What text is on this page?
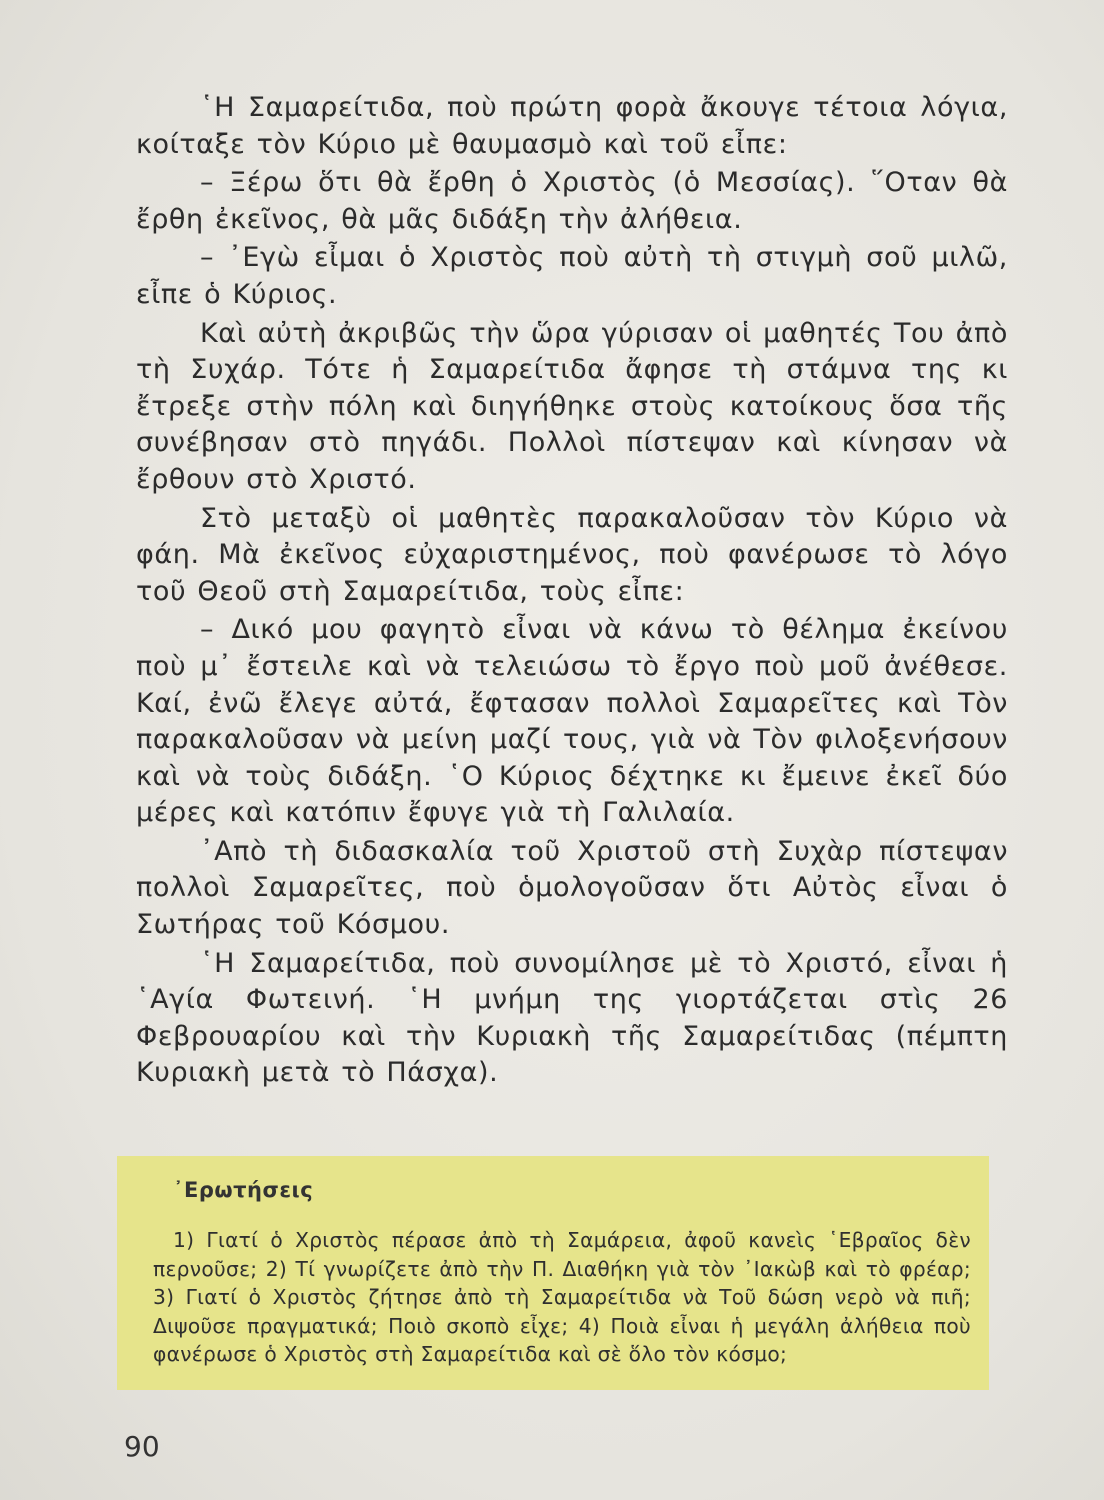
῾Η Σαμαρείτιδα, ποὺ πρώτη φορὰ ἄκουγε τέτοια λόγια, κοίταξε τὸν Κύριο μὲ θαυμασμὸ καὶ τοῦ εἶπε:

– Ξέρω ὅτι θὰ ἔρθη ὁ Χριστὸς (ὁ Μεσσίας). ῞Οταν θὰ ἔρθη ἐκεῖνος, θὰ μᾶς διδάξη τὴν ἀλήθεια.

– ᾿Εγὼ εἶμαι ὁ Χριστὸς ποὺ αὐτὴ τὴ στιγμὴ σοῦ μιλῶ, εἶπε ὁ Κύριος.

Καὶ αὐτὴ ἀκριβῶς τὴν ὥρα γύρισαν οἱ μαθητές Του ἀπὸ τὴ Συχάρ. Τότε ἡ Σαμαρείτιδα ἄφησε τὴ στάμνα της κι ἔτρεξε στὴν πόλη καὶ διηγήθηκε στοὺς κατοίκους ὅσα τῆς συνέβησαν στὸ πηγάδι. Πολλοὶ πίστεψαν καὶ κίνησαν νὰ ἔρθουν στὸ Χριστό.

Στὸ μεταξὺ οἱ μαθητὲς παρακαλοῦσαν τὸν Κύριο νὰ φάη. Μὰ ἐκεῖνος εὐχαριστημένος, ποὺ φανέρωσε τὸ λόγο τοῦ Θεοῦ στὴ Σαμαρείτιδα, τοὺς εἶπε:

– Δικό μου φαγητὸ εἶναι νὰ κάνω τὸ θέλημα ἐκείνου ποὺ μ᾿ ἔστειλε καὶ νὰ τελειώσω τὸ ἔργο ποὺ μοῦ ἀνέθεσε. Καί, ἐνῶ ἔλεγε αὐτά, ἔφτασαν πολλοὶ Σαμαρεῖτες καὶ Τὸν παρακαλοῦσαν νὰ μείνη μαζί τους, γιὰ νὰ Τὸν φιλοξενήσουν καὶ νὰ τοὺς διδάξη. ῾Ο Κύριος δέχτηκε κι ἔμεινε ἐκεῖ δύο μέρες καὶ κατόπιν ἔφυγε γιὰ τὴ Γαλιλαία.

᾿Απὸ τὴ διδασκαλία τοῦ Χριστοῦ στὴ Συχὰρ πίστεψαν πολλοὶ Σαμαρεῖτες, ποὺ ὁμολογοῦσαν ὅτι Αὐτὸς εἶναι ὁ Σωτήρας τοῦ Κόσμου.

῾Η Σαμαρείτιδα, ποὺ συνομίλησε μὲ τὸ Χριστό, εἶναι ἡ ῾Αγία Φωτεινή. ῾Η μνήμη της γιορτάζεται στὶς 26 Φεβρουαρίου καὶ τὴν Κυριακὴ τῆς Σαμαρείτιδας (πέμπτη Κυριακὴ μετὰ τὸ Πάσχα).

᾿Ερωτήσεις
1) Γιατί ὁ Χριστὸς πέρασε ἀπὸ τὴ Σαμάρεια, ἀφοῦ κανεὶς ῾Εβραῖος δὲν περνοῦσε; 2) Τί γνωρίζετε ἀπὸ τὴν Π. Διαθήκη γιὰ τὸν ᾿Ιακὼβ καὶ τὸ φρέαρ; 3) Γιατί ὁ Χριστὸς ζήτησε ἀπὸ τὴ Σαμαρείτιδα νὰ Τοῦ δώση νερὸ νὰ πιῆ; Διψοῦσε πραγματικά; Ποιὸ σκοπὸ εἶχε; 4) Ποιὰ εἶναι ἡ μεγάλη ἀλήθεια ποὺ φανέρωσε ὁ Χριστὸς στὴ Σαμαρείτιδα καὶ σὲ ὅλο τὸν κόσμο;
90
